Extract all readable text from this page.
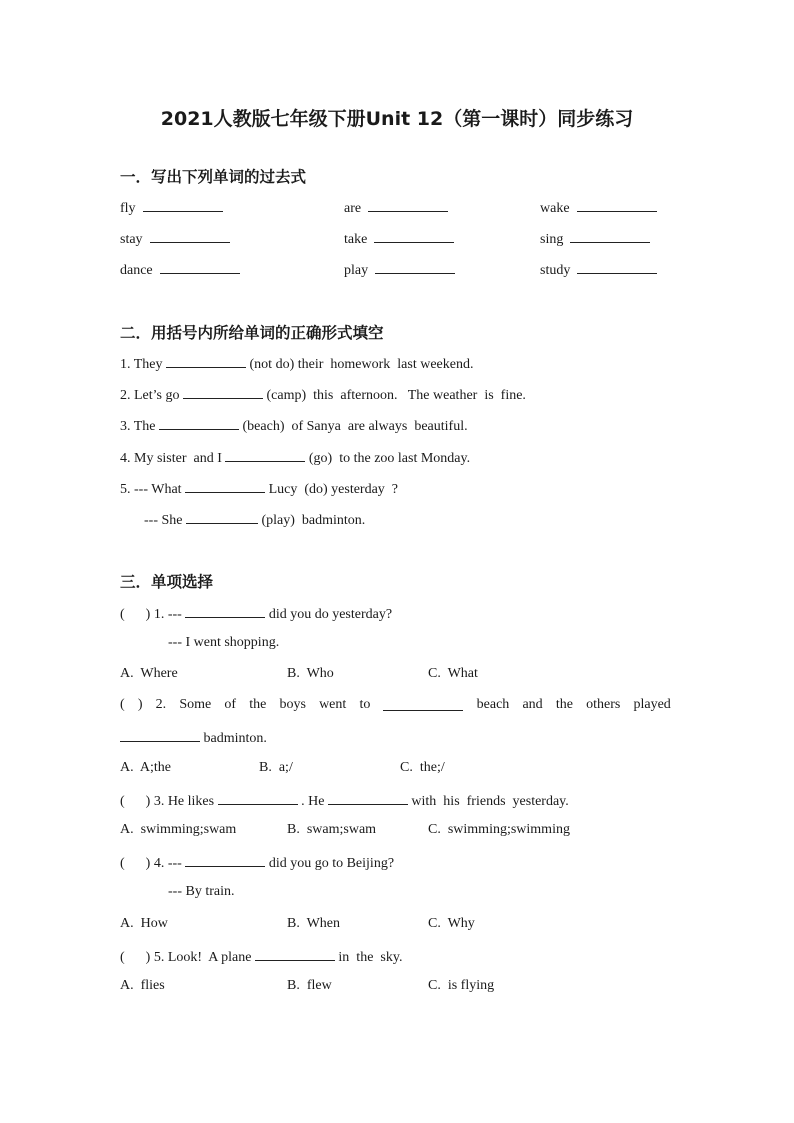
2021人教版七年级下册Unit 12（第一课时）同步练习
一．写出下列单词的过去式
fly	are	wake
stay	take	sing
dance	play	study
二．用括号内所给单词的正确形式填空
1. They	(not do) their  homework  last weekend.
2. Let’s go	(camp)  this  afternoon.   The weather  is  fine.
3. The	(beach)  of Sanya  are always  beautiful.
4. My sister  and I	(go)  to the zoo last Monday.
5. --- What	Lucy  (do) yesterday  ?
--- She	(play)  badminton.
三．单项选择
(      ) 1. ---	did you do yesterday?
--- I went shopping.
A.  Where	B.  Who	C.  What
( ) 2. Some of the boys went to	beach and the others played
badminton.
A.  A;the	B.  a;/	C.  the;/
(      ) 3. He likes	. He	with  his  friends  yesterday.
A.  swimming;swam	B.  swam;swam	C.  swimming;swimming
(      ) 4. ---	did you go to Beijing?
--- By train.
A.  How	B.  When	C.  Why
(      ) 5. Look!  A plane	in  the  sky.
A.  flies	B.  flew	C.  is flying
